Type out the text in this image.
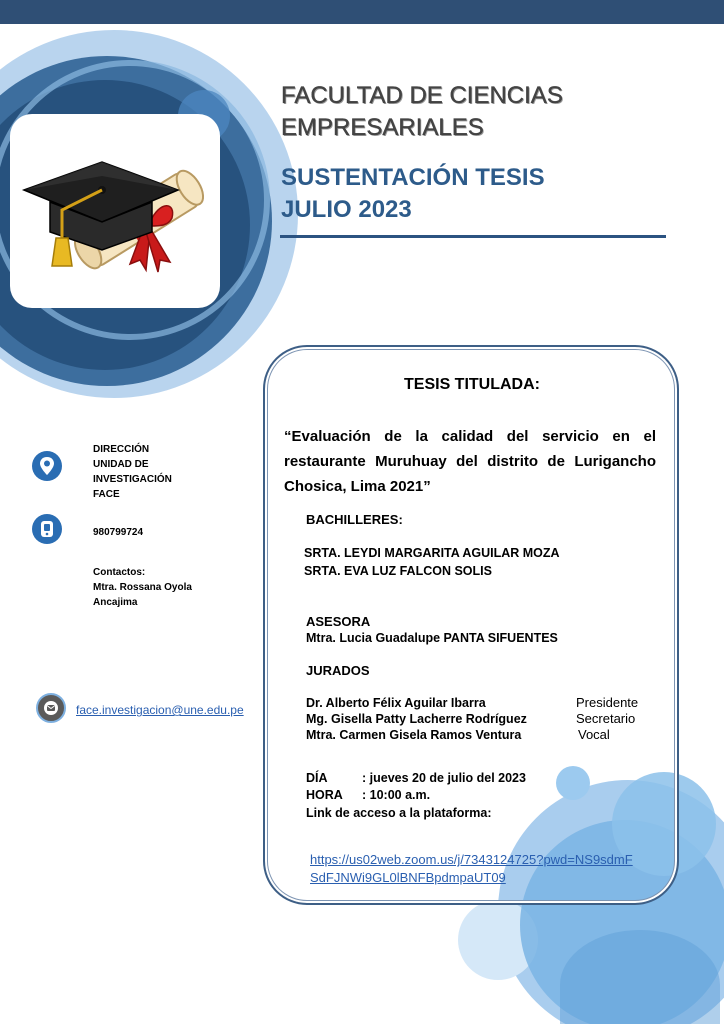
FACULTAD DE CIENCIAS EMPRESARIALES
SUSTENTACIÓN TESIS
JULIO 2023
TESIS TITULADA:
“Evaluación de la calidad del servicio en el restaurante Muruhuay del distrito de Lurigancho Chosica, Lima 2021”
BACHILLERES:
SRTA. LEYDI MARGARITA AGUILAR MOZA
SRTA. EVA LUZ FALCON SOLIS
ASESORA
Mtra. Lucia Guadalupe PANTA SIFUENTES
JURADOS
Dr. Alberto Félix Aguilar Ibarra	Presidente
Mg. Gisella Patty Lacherre Rodríguez	Secretario
Mtra. Carmen Gisela Ramos Ventura	Vocal
DÍA	: jueves 20 de julio del 2023
HORA : 10:00 a.m.
Link de acceso a la plataforma:
https://us02web.zoom.us/j/7343124725?pwd=NS9sdmFSdFJNWi9GL0lBNFBpdmpaUT09
DIRECCIÓN
UNIDAD DE
INVESTIGACIÓN
FACE
980799724
Contactos:
Mtra. Rossana Oyola
Ancajima
face.investigacion@une.edu.pe
